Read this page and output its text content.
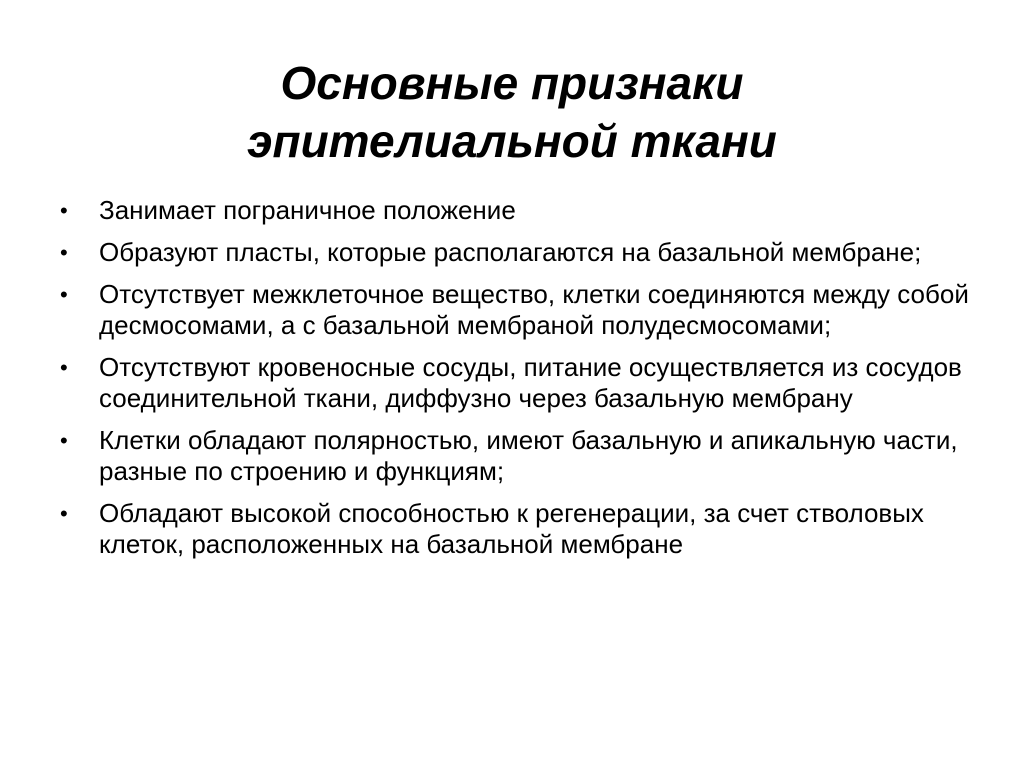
Основные признаки
эпителиальной ткани
•	Занимает пограничное положение
•	Образуют пласты, которые располагаются на базальной мембране;
•	Отсутствует межклеточное вещество, клетки соединяются между собой десмосомами, а с базальной мембраной полудесмосомами;
•	Отсутствуют кровеносные сосуды, питание осуществляется из сосудов соединительной ткани, диффузно через базальную мембрану
•	Клетки обладают полярностью, имеют базальную и апикальную части, разные по строению и функциям;
•	Обладают высокой способностью к регенерации, за счет стволовых клеток, расположенных на базальной мембране
